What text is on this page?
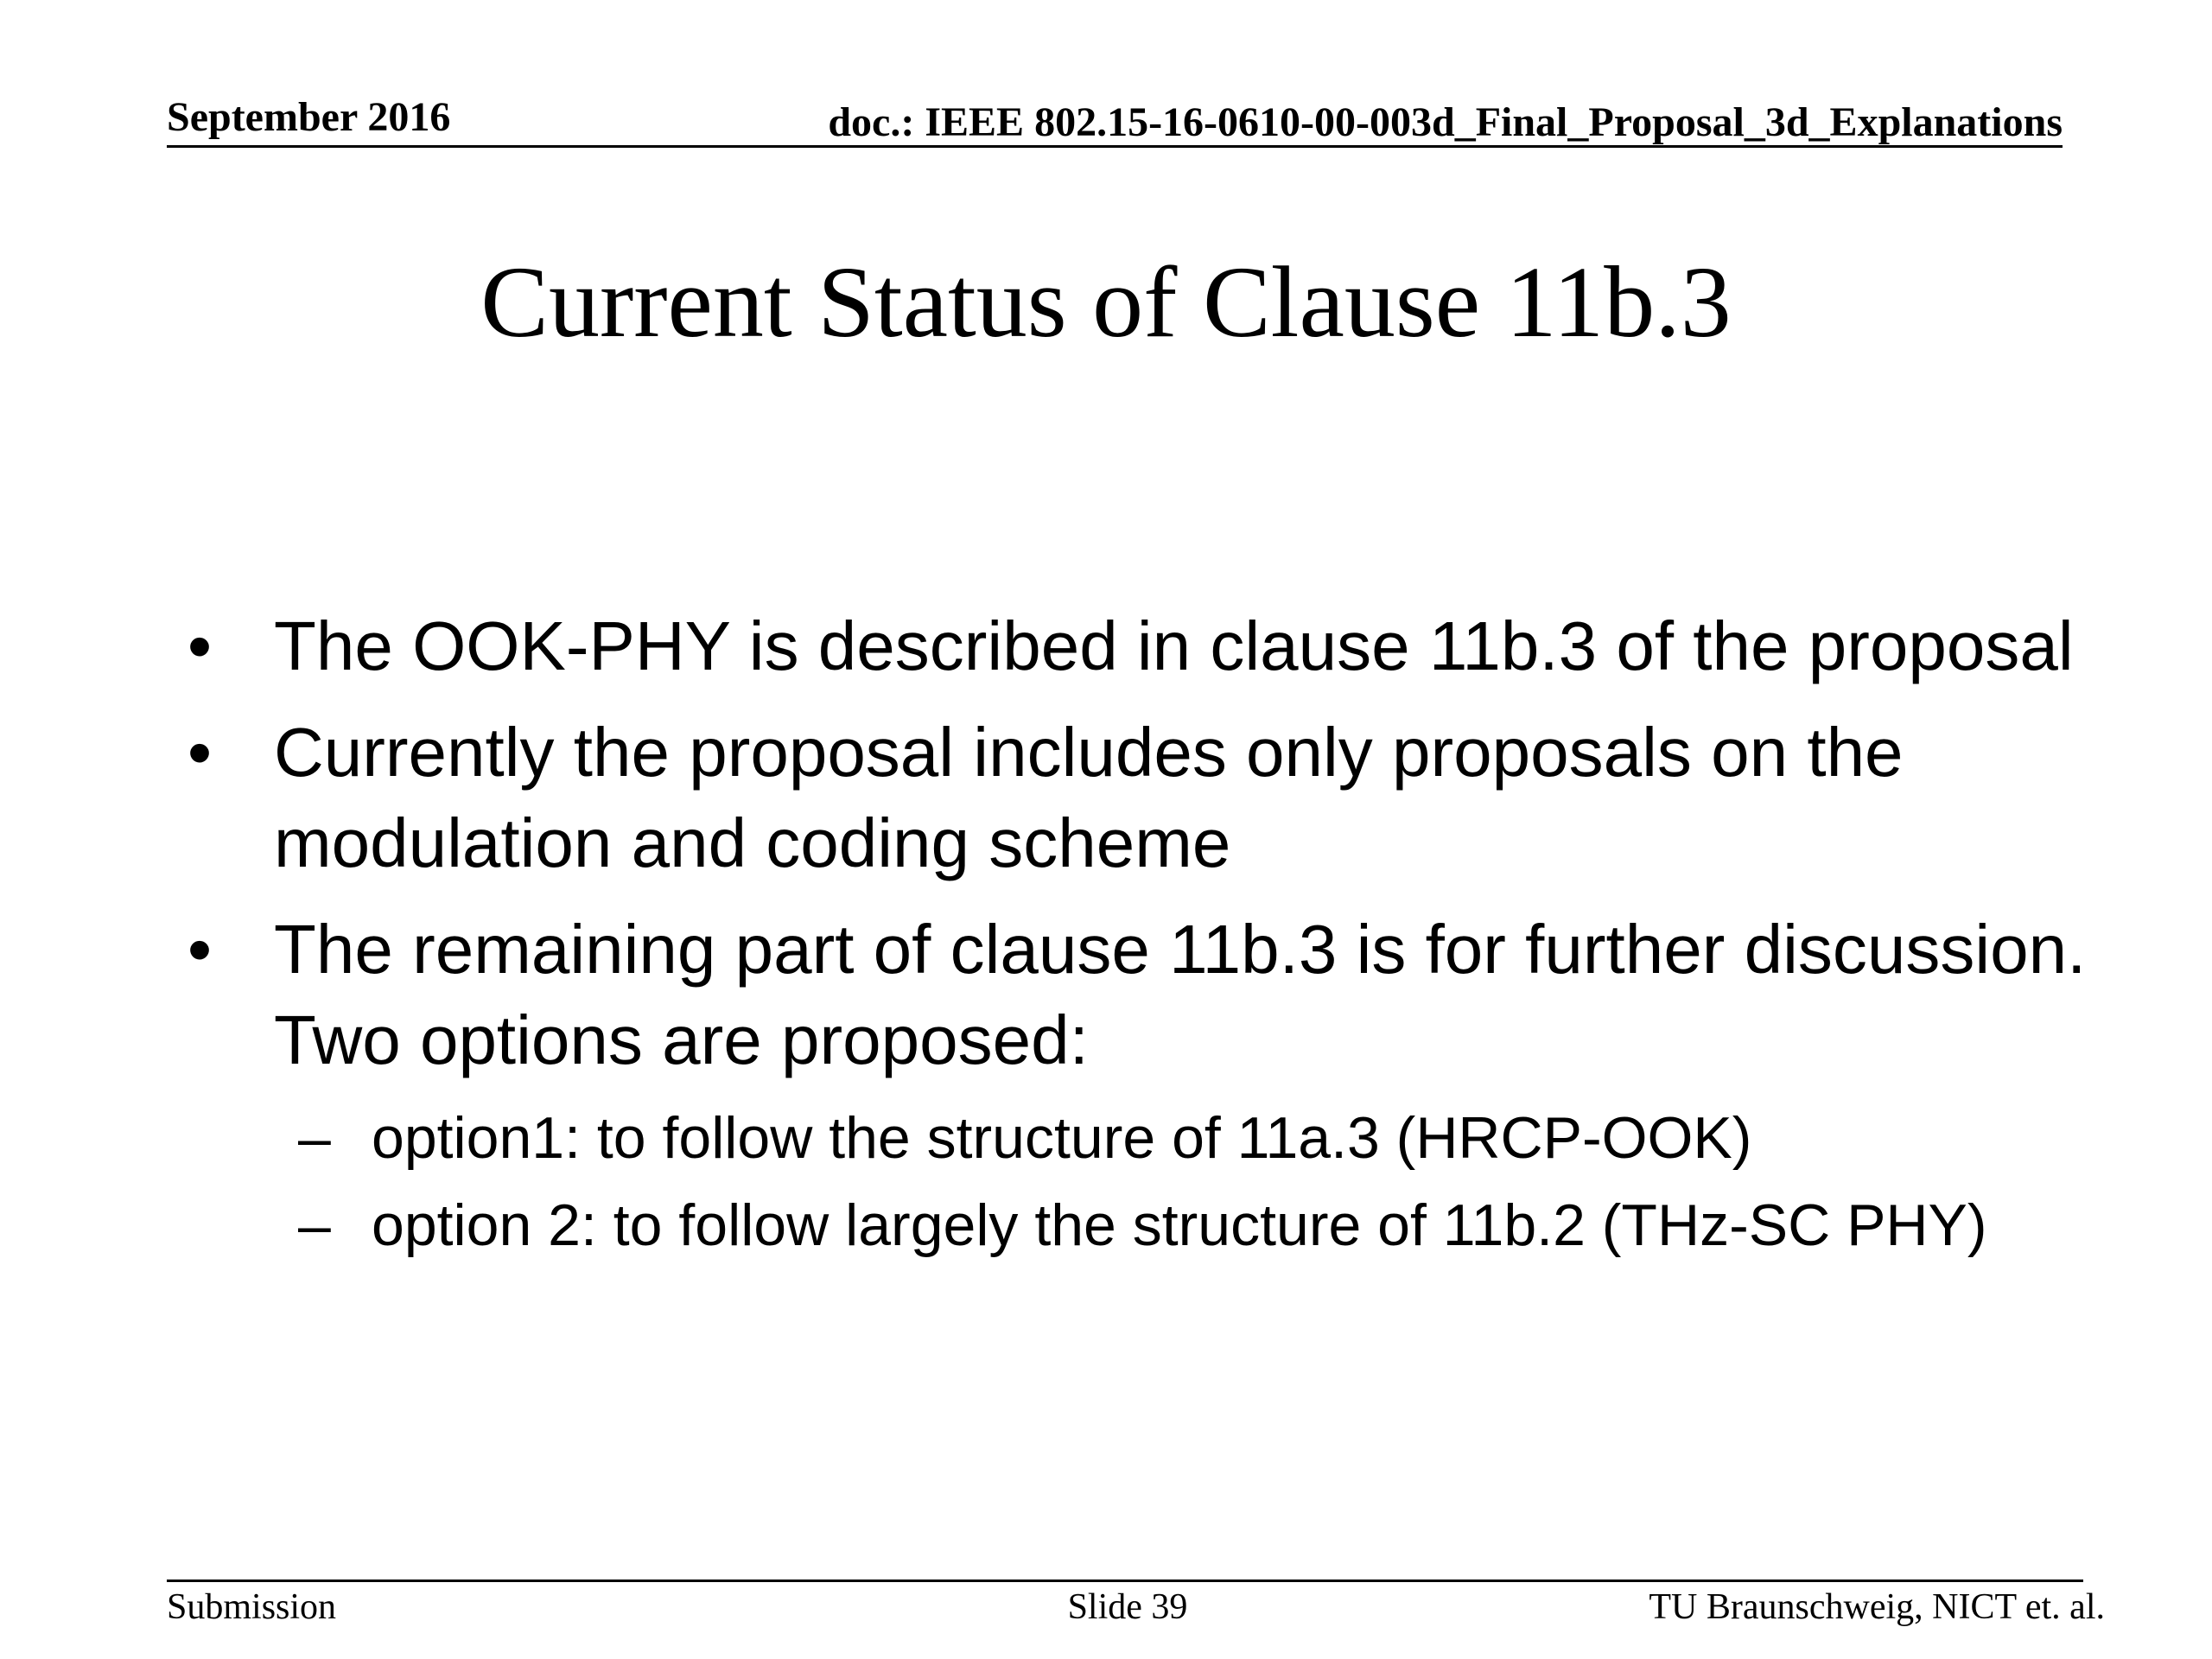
September 2016	doc.: IEEE 802.15-16-0610-00-003d_Final_Proposal_3d_Explanations
Current Status of Clause 11b.3
• The OOK-PHY is described in clause 11b.3 of the proposal
• Currently the proposal includes only proposals on the modulation and coding scheme
• The remaining part of clause 11b.3 is for further discussion. Two options are proposed:
– option1: to follow the structure of 11a.3 (HRCP-OOK)
– option 2: to follow largely the structure of 11b.2 (THz-SC PHY)
Submission	Slide 39	TU Braunschweig, NICT et. al.
